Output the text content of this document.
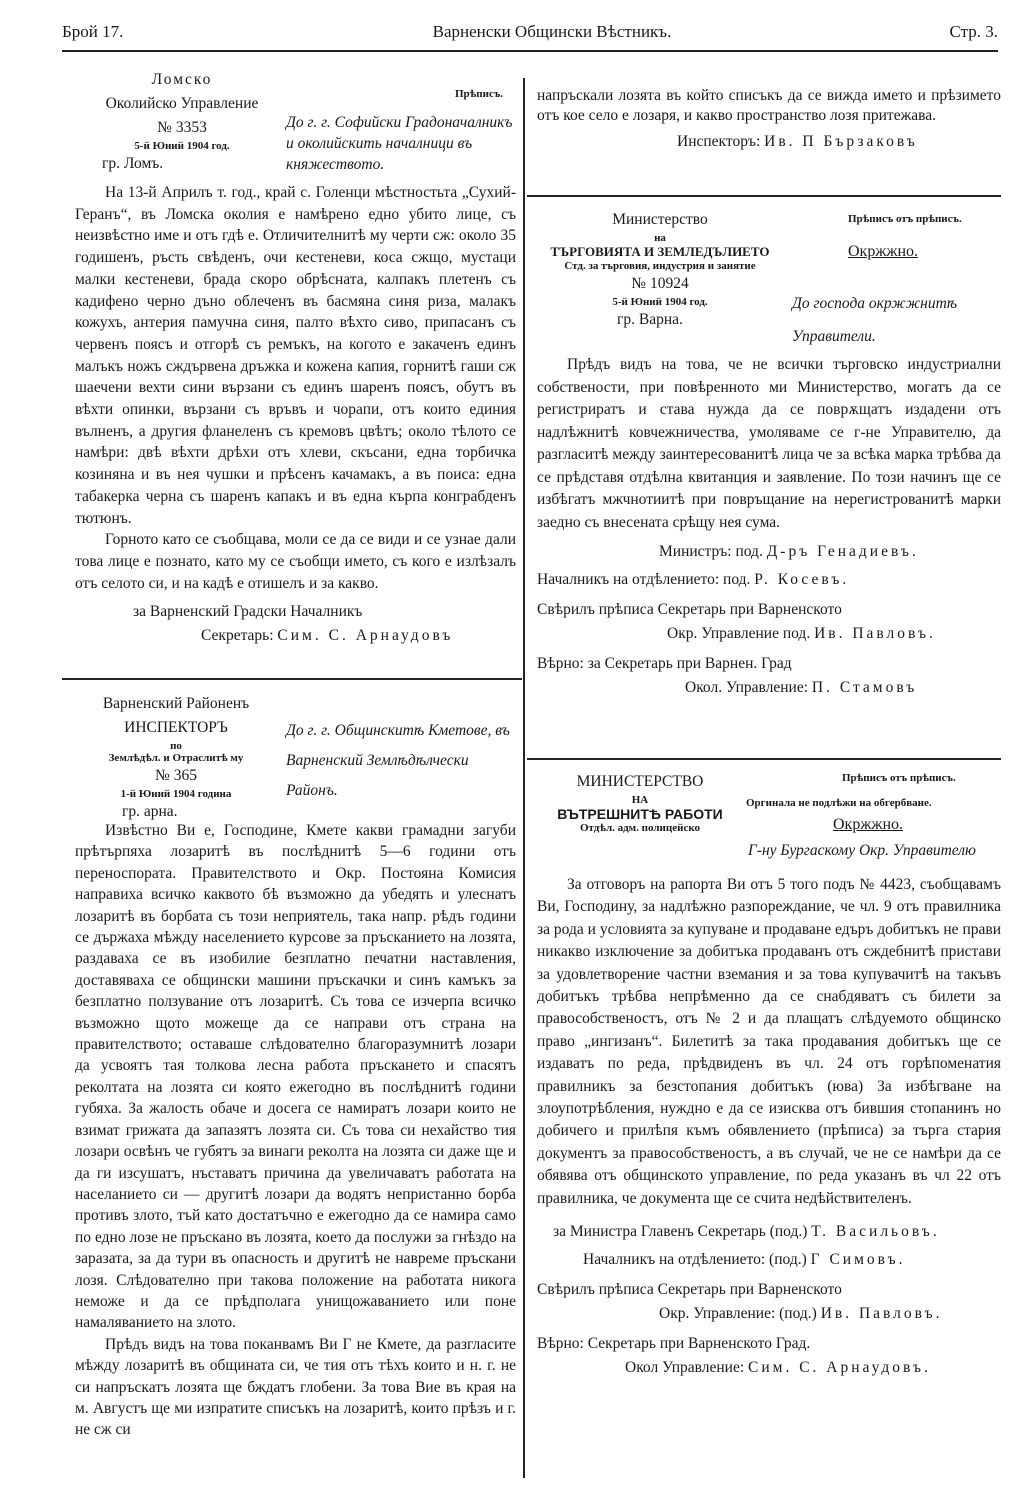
Брой 17.	Варненски Общински Вѣстникъ.	Стр. 3.
Ломско
Околийско Управление
№ 3353
5-й Юний 1904 год.
гр. Ломъ.
Прѣписъ.
До г. г. Софийски Градоначалникъ и околийскить началници въ княжеството.

На 13-й Априлъ т. год., край с. Голенци мѣстностьта „Сухий-Геранъ“, въ Ломска околия е намѣрено едно убито лице, съ неизвѣстно име и отъ гдѣ е. Отличителнитѣ му черти сж: около 35 годишенъ, ръсть свѣденъ, очи кестеневи, коса сжщо, мустаци малки кестеневи, брада скоро обрѣсната, калпакъ плетенъ съ кадифено черно дъно облеченъ въ басмяна синя риза, малакъ кожухъ, антерия памучна синя, палто вѣхто сиво, припасанъ съ червенъ поясъ и отгорѣ съ ремъкъ, на когото е закаченъ единъ малъкъ ножъ сждървена дръжка и кожена капия, горнитѣ гаши сж шаечени вехти сини вързани съ единъ шаренъ поясъ, обутъ въ вѣхти опинки, вързани съ връвъ и чорапи, отъ които единия вълненъ, а другия фланеленъ съ кремовъ цвѣтъ; около тѣлото се намѣри: двѣ вѣхти дрѣхи отъ хлеви, скъсани, една торбичка козиняна и въ нея чушки и прѣсенъ качамакъ, а въ поиса: една табакерка черна съ шаренъ капакъ и въ една кърпа конграбденъ тютюнъ.

Горното като се съобщава, моли се да се види и се узнае дали това лице е познато, като му се съобщи името, съ кого е излѣзалъ отъ селото си, и на кадѣ е отишелъ и за какво.

за Варненский Градски Началникъ
Секретарь: Сим. С. Арнаудовъ
Варненский Районенъ
ИНСПЕКТОРЪ
по
Землѣдѣл. и Отраслитѣ му
№ 365
1-й Юний 1904 година
гр. арна.
До г. г. Общинскитѣ Кметове, въ Варненский Землѣдѣлчески Районъ.

Извѣстно Ви е, Господине, Кмете какви грамадни загуби прѣтърпяха лозаритѣ въ послѣднитѣ 5—6 години отъ переноспората. Правителството и Окр. Постояна Комисия направиха всичко каквото бѣ възможно да убедять и улеснатъ лозаритѣ въ борбата съ този неприятель, така напр. рѣдъ години се държаха мѣжду населението курсове за пръсканието на лозята, раздаваха се въ изобилие безплатно печатни наставления, доставяваха се общински машини пръскачки и синъ камъкъ за безплатно ползувание отъ лозаритѣ. Съ това се изчерпа всичко възможно щото можеще да се направи отъ страна на правителството; оставаше слѣдователно благоразумнитѣ лозари да усвоятъ тая толкова лесна работа пръскането и спасятъ реколтата на лозята си която ежегодно въ послѣднитѣ години губяха. За жалость обаче и досега се намиратъ лозари които не взимат грижата да запазятъ лозята си. Съ това си нехайство тия лозари освѣнъ че губятъ за винаги реколта на лозята си даже ще и да ги изсушатъ, нъставатъ причина да увеличаватъ работата на населанието си — другитѣ лозари да водятъ непристанно борба противъ злото, тъй като достатъчно е ежегодно да се намира само по едно лозе не пръскано въ лозята, което да послужи за гнѣздо на заразата, за да тури въ опасность и другитѣ не навреме пръскани лозя. Слѣдователно при такова положение на работата никога неможе и да се прѣдполага унищожаванието или поне намаляванието на злото.

Прѣдъ видъ на това поканвамъ Ви Г не Кмете, да разгласите мѣжду лозаритѣ въ общината си, че тия отъ тѣхъ които и н. г. не си напръскатъ лозята ще бждатъ глобени. За това Вие въ края на м. Августъ ще ми изпратите списъкъ на лозаритѣ, които прѣзъ и г. не сж си

напръскали лозята въ който списъкъ да се вижда името и прѣзимето отъ кое село е лозаря, и какво пространство лозя притежава.

Инспекторъ: Ив. П Бързаковъ
Министерство
на
ТЪРГОВИЯТА И ЗЕМЛЕДЪЛИЕТО
Стд. за търговия, индустрия и занятие
№ 10924
5-й Юний 1904 год.
гр. Варна.
Прѣписъ отъ прѣписъ.
Окржжно.
До господа окржжнитѣ Управители.

Прѣдъ видъ на това, че не всички търговско индустриални собствености, при повѣренното ми Министерство, могатъ да се регистриратъ и става нужда да се поврѫщатъ издадени отъ надлѣжнитѣ ковчежничества, умоляваме се г-не Управителю, да разгласитѣ между заинтересованитѣ лица че за всѣка марка трѣбва да се прѣдставя отдѣлна квитанция и заявление. По този начинъ ще се избѣгатъ мжчнотиитѣ при повръщание на нерегистрованитѣ марки заедно съ внесената срѣщу нея сума.

Министръ: под. Д-ръ Генадиевъ.
Началникъ на отдѣлението: под. Р. Косевъ.
Свѣрилъ прѣписа Секретарь при Варненското
Окр. Управление под. Ив. Павловъ.
Вѣрно: за Секретарь при Варнен. Град
Окол. Управление: П. Стамовъ
МИНИСТЕРСТВО
НА
ВЪТРЕШНИТѢ РАБОТИ
Отдѣл. адм. полицейско
Прѣписъ отъ прѣписъ.
Оргинала не подлѣжи на обгербване.
Окржжно.
Г-ну Бургаскому Окр. Управителю

За отговоръ на рапорта Ви отъ 5 того подъ № 4423, съобщавамъ Ви, Господину, за надлѣжно разпореждание, че чл. 9 отъ правилника за рода и условията за купуване и продаване едъръ добитъкъ не прави никакво изключение за добитъка продаванъ отъ сждебнитѣ пристави за удовлетворение частни вземания и за това купувачитѣ на такъвъ добитъкъ трѣбва непрѣменно да се снабдяватъ съ билети за правособственостъ, отъ № 2 и да плащатъ слѣдуемото общинско право „ингизанъ“. Билетитѣ за така продавания добитъкъ ще се издаватъ по реда, прѣдвиденъ въ чл. 24 отъ горѣпоменатия правилникъ за безстопания добитъкъ (юва) За избѣгване на злоупотрѣбления, нуждно е да се изисква отъ бившия стопанинъ но добичего и прилѣпя къмъ обявлението (прѣписа) за търга стария документъ за правособственостъ, а въ случай, че не се намѣри да се обявява отъ общинското управление, по реда указанъ въ чл 22 отъ правилника, че документа ще се счита недѣйствителенъ.

за Министра Главенъ Секретарь (под.) Т. Васильовъ.
Началникъ на отдѣлението: (под.) Г Симовъ.
Свѣрилъ прѣписа Секретарь при Варненското
Окр. Управление: (под.) Ив. Павловъ.
Вѣрно: Секретарь при Варненското Град.
Окол Управление: Сим. С. Арнаудовъ.
